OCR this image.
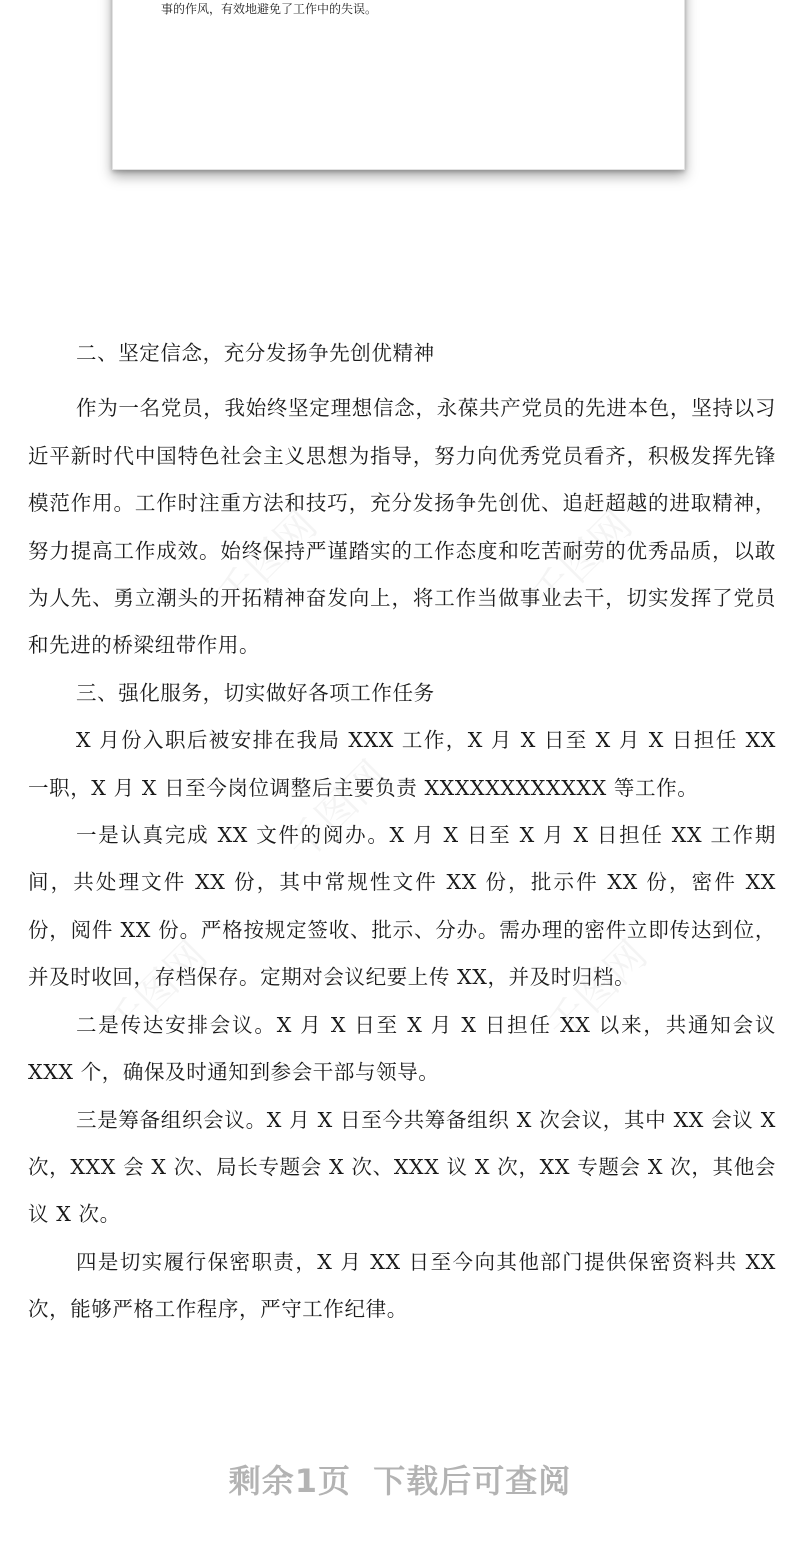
事的作风，有效地避免了工作中的失误。
千图网	千图网
千图网
千图网	千图网

二、坚定信念，充分发扬争先创优精神

作为一名党员，我始终坚定理想信念，永葆共产党员的先进本色，坚持以习近平新时代中国特色社会主义思想为指导，努力向优秀党员看齐，积极发挥先锋模范作用。工作时注重方法和技巧，充分发扬争先创优、追赶超越的进取精神，努力提高工作成效。始终保持严谨踏实的工作态度和吃苦耐劳的优秀品质，以敢为人先、勇立潮头的开拓精神奋发向上，将工作当做事业去干，切实发挥了党员和先进的桥梁纽带作用。

三、强化服务，切实做好各项工作任务

X 月份入职后被安排在我局 XXX 工作，X 月 X 日至 X 月 X 日担任 XX 一职，X 月 X 日至今岗位调整后主要负责 XXXXXXXXXXXX 等工作。

一是认真完成 XX 文件的阅办。X 月 X 日至 X 月 X 日担任 XX 工作期间，共处理文件 XX 份，其中常规性文件 XX 份，批示件 XX 份，密件 XX 份，阅件 XX 份。严格按规定签收、批示、分办。需办理的密件立即传达到位，并及时收回，存档保存。定期对会议纪要上传 XX，并及时归档。

二是传达安排会议。X 月 X 日至 X 月 X 日担任 XX 以来，共通知会议 XXX 个，确保及时通知到参会干部与领导。

三是筹备组织会议。X 月 X 日至今共筹备组织 X 次会议，其中 XX 会议 X 次，XXX 会 X 次、局长专题会 X 次、XXX 议 X 次，XX 专题会 X 次，其他会议 X 次。

四是切实履行保密职责，X 月 XX 日至今向其他部门提供保密资料共 XX 次，能够严格工作程序，严守工作纪律。

剩余1页 下载后可查阅
